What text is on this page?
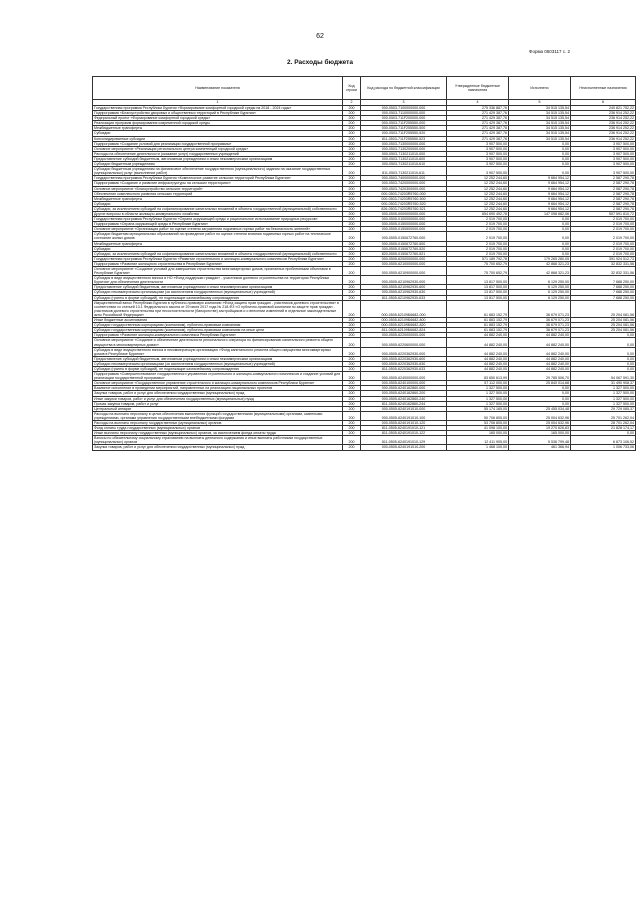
62
Форма 0503117 с. 2
2. Расходы бюджета
Наименование показателя	Код строки	Код расхода по бюджетной классификации	Утвержденные бюджетные назначения	Исполнено	Неисполненные назначения
1	2	3	4	5	6
Государственная программа Республики Бурятия «Формирование комфортной городской среды на 2018 - 2024 годы»	200	000-0503-7100000000-000	275 336 887,76	34 515 135,54	240 821 752,22
Подпрограмма «Благоустройство дворовых и общественных территорий в Республике Бурятия»	200	000-0503-7110000000-000	271 429 387,76	34 515 135,54	236 914 252,22
Федеральный проект «Формирование комфортной городской среды»	200	000-0503-711F200000-000	271 429 387,76	34 515 135,54	236 914 252,22
Реализация программ формирования современной городской среды	200	000-0503-711F255550-000	271 429 387,76	34 515 135,54	236 914 252,22
Межбюджетные трансферты	200	000-0503-711F255550-500	271 429 387,76	34 515 135,54	236 914 252,22
Субсидии	200	000-0503-711F255550-520	271 429 387,76	34 515 135,54	236 914 252,22
Консолидированные субсидии	200	811-0503-711F255550-523	271 429 387,76	34 515 135,54	236 914 252,22
Подпрограмма «Создание условий для реализации государственной программы»	200	000-0503-7130000000-000	3 907 500,00	0,00	3 907 500,00
Основное мероприятие «Реализация регионального центра компетенций городской среды»	200	000-0503-7130200000-000	3 907 500,00	0,00	3 907 500,00
Расходы на обеспечение деятельности (оказание услуг) государственных учреждений	200	000-0503-7130211010-000	3 907 500,00	0,00	3 907 500,00
Предоставление субсидий бюджетным, автономным учреждениям и иным некоммерческим организациям	200	000-0503-7130211010-600	3 907 500,00	0,00	3 907 500,00
Субсидии бюджетным учреждениям	200	000-0503-7130211010-610	3 907 500,00	0,00	3 907 500,00
Субсидии бюджетным учреждениям на финансовое обеспечение государственного (муниципального) задания на оказание государственных (муниципальных) услуг (выполнение работ)	200	811-0503-7130211010-611	3 907 500,00	0,00	3 907 500,00
Государственная программа Республики Бурятия «Комплексное развитие сельских территорий Республики Бурятия»	200	000-0503-7400000000-000	12 252 244,60	9 664 954,12	2 587 290,78
Подпрограмма «Создание и развитие инфраструктуры на сельских территориях»	200	000-0503-7420000000-000	12 252 244,60	9 664 954,12	2 587 290,78
Основное мероприятие «Благоустройство сельских территорий»	200	000-0503-7420300000-000	12 252 244,60	9 664 954,12	2 587 290,78
Обеспечение комплексного развития сельских территорий	200	000-0503-74203R5760-000	12 252 244,60	9 664 954,12	2 587 290,78
Межбюджетные трансферты	200	000-0503-74203R5760-500	12 252 244,60	9 664 954,12	2 587 290,78
Субсидии	200	000-0503-74203R5760-520	12 252 244,60	9 664 954,12	2 587 290,78
Субсидии, за исключением субсидий на софинансирование капитальных вложений в объекты государственной (муниципальной) собственности	200	826-0503-74203R5760-521	12 252 244,60	9 664 954,12	2 587 290,78
Другие вопросы в области жилищно-коммунального хозяйства	200	000-0505-0000000000-000	654 690 492,78	147 098 682,06	507 591 810,72
Государственная программа Республики Бурятия «Охрана окружающей среды и рациональное использование природных ресурсов»	200	000-0505-0100000000-000	2 019 700,00	0,00	2 019 700,00
Подпрограмма «Охрана окружающей среды в Республике Бурятия»	200	000-0505-0150000000-000	2 019 700,00	0,00	2 019 700,00
Основное мероприятие «Организация работ по оценке степени загрязнения подземных горных работ на безопасность жителей»	200	000-0505-0150600000-000	2 019 700,00	0,00	2 019 700,00
Субсидии бюджетам муниципальных образований на проведение работ по оценке степени влияния подземных горных работ на техническое состояние жилых домов	200	000-0505-0150672760-000	2 019 700,00	0,00	2 019 700,00
Межбюджетные трансферты	200	000-0505-0150672760-500	2 019 700,00	0,00	2 019 700,00
Субсидии	200	000-0505-0150672760-520	2 019 700,00	0,00	2 019 700,00
Субсидии, за исключением субсидий на софинансирование капитальных вложений в объекты государственной (муниципальной) собственности	200	820-0505-0150672760-521	2 019 700,00	0,00	2 019 700,00
Государственная программа Республики Бурятия «Развитие строительного и жилищно-коммунального комплексов Республики Бурятия»	200	000-0505-6200000000-000	571 189 792,78	179 265 280,05	391 924 512,73
Подпрограмма «Развитие жилищного строительства в Республике Бурятия»	200	000-0505-6210000000-000	75 700 652,79	42 868 321,23	32 832 331,56
Основное мероприятие «Создание условий для завершения строительства многоквартирных домов, признанных проблемными объектами в Республике Бурятия»	200	000-0505-6210900000-000	75 700 652,79	42 868 321,23	32 832 331,56
Субсидия в виде имущественного взноса в НО «Фонд поддержки граждан» - участников долевого строительства на территории Республики Бурятия» для обеспечения деятельности	200	000-0505-6210962930-000	13 817 500,00	6 129 250,00	7 688 250,00
Предоставление субсидий бюджетным, автономным учреждениям и иным некоммерческим организациям	200	000-0505-6210962930-600	13 817 500,00	6 129 250,00	7 688 250,00
Субсидии некоммерческим организациям (за исключением государственных (муниципальных) учреждений)	200	000-0505-6210962930-630	13 817 500,00	6 129 250,00	7 688 250,00
Субсидии (гранты в форме субсидий), не подлежащие казначейскому сопровождению	200	811-0505-6210962930-633	13 817 500,00	6 129 250,00	7 688 250,00
Имущественный взнос Республики Бурятия в публично-правовую компанию «Фонд защиты прав граждан - участников долевого строительства» в соответствии со статьей 13.1 Федерального закона от 29 июля 2017 года № 218-ФЗ «О публично-правовой компании по защите прав граждан - участников долевого строительства при несостоятельности (банкротстве) застройщиков и о внесении изменений в отдельные законодательные акты Российской Федерации»	200	000-0505-62109Б6682-000	61 883 152,79	36 679 071,23	25 204 081,56
Иные бюджетные ассигнования	200	000-0505-62109Б6682-800	61 883 152,79	36 679 071,23	25 204 081,56
Субсидии государственным корпорациям (компаниям), публично-правовым компаниям	200	000-0505-62109Б6682-820	61 883 152,79	36 679 071,23	25 204 081,56
Субсидии государственным корпорациям (компаниям), публично-правовым компаниям на иные цели	200	811-0505-62109Б6682-824	61 883 152,79	36 679 071,23	25 204 081,56
Подпрограмма «Развитие жилищно-коммунального комплекса Республики Бурятия»	200	000-0505-6220000000-000	44 882 240,00	44 882 240,00	0,00
Основное мероприятие «Создание и обеспечение деятельности регионального оператора по финансированию капитального ремонта общего имущества в многоквартирных домах»	200	000-0505-6220600000-000	44 882 240,00	44 882 240,00	0,00
Субсидия в виде имущественного взноса в некоммерческую организацию «Фонд капитального ремонта общего имущества многоквартирных домов в Республике Бурятия»	200	000-0505-6220362930-000	44 882 240,00	44 882 240,00	0,00
Предоставление субсидий бюджетным, автономным учреждениям и иным некоммерческим организациям	200	000-0505-6220362930-600	44 882 240,00	44 882 240,00	0,00
Субсидии некоммерческим организациям (за исключением государственных (муниципальных) учреждений)	200	000-0505-6220362930-630	44 882 240,00	44 882 240,00	0,00
Субсидии (гранты в форме субсидий), не подлежащие казначейскому сопровождению	200	811-0505-6220362930-633	44 882 240,00	44 882 240,00	0,00
Подпрограмма «Совершенствование государственного управления строительного и жилищно-коммунального комплексов и создание условий для реализации государственной программы»	200	000-0505-6240000000-000	83 650 613,99	29 785 506,70	54 067 591,30
Основное мероприятие «Государственное управление строительного и жилищно-коммунального комплексов Республики Бурятия»	200	000-0505-6240100000-000	57 112 000,00	25 840 014,68	31 490 908,37
Взаимное исполнение в проведении мероприятий, направленных на реализацию национальных проектов	200	000-0505-6240162860-000	1 327 500,00	0,00	1 327 500,00
Закупка товаров, работ и услуг для обеспечения государственных (муниципальных) нужд	200	000-0505-6240162860-200	1 327 500,00	0,00	1 327 500,00
Иные закупки товаров, работ и услуг для обеспечения государственных (муниципальных) нужд	200	000-0505-6240162860-240	1 327 500,00	0,00	1 327 500,00
Прочая закупка товаров, работ и услуг	200	811-0505-6240162860-244	1 327 500,00	0,00	1 327 500,00
Центральный аппарат	200	000-0505-6240191010-000	55 174 165,00	25 455 034,48	29 729 085,37
Расходы на выплаты персоналу в целях обеспечения выполнения функций государственными (муниципальными) органами, казенными учреждениями, органами управления государственными внебюджетными фондами	200	000-0505-6240191010-100	50 706 805,00	25 004 632,96	25 701 262,04
Расходы на выплаты персоналу государственных (муниципальных) органов	200	000-0505-6240191010-120	53 706 805,00	25 004 632,96	28 701 262,04
Фонд оплаты труда государственных (муниципальных) органов	200	811-0505-6240191010-121	41 098 100,00	19 270 626,83	21 828 174,17
Иные выплаты персоналу государственных (муниципальных) органов, за исключением фонда оплаты труда	200	811-0505-6240191010-122	165 000,00	165 000,00	0,00
Взносы по обязательному социальному страхованию на выплаты денежного содержания и иные выплаты работникам государственных (муниципальных) органов	200	811-0505-6240191010-129	12 411 905,00	5 536 799,48	6 873 106,52
Закупка товаров, работ и услуг для обеспечения государственных (муниципальных) нужд	200	000-0505-6240191010-200	1 468 100,00	461 366,94	1 006 733,06
